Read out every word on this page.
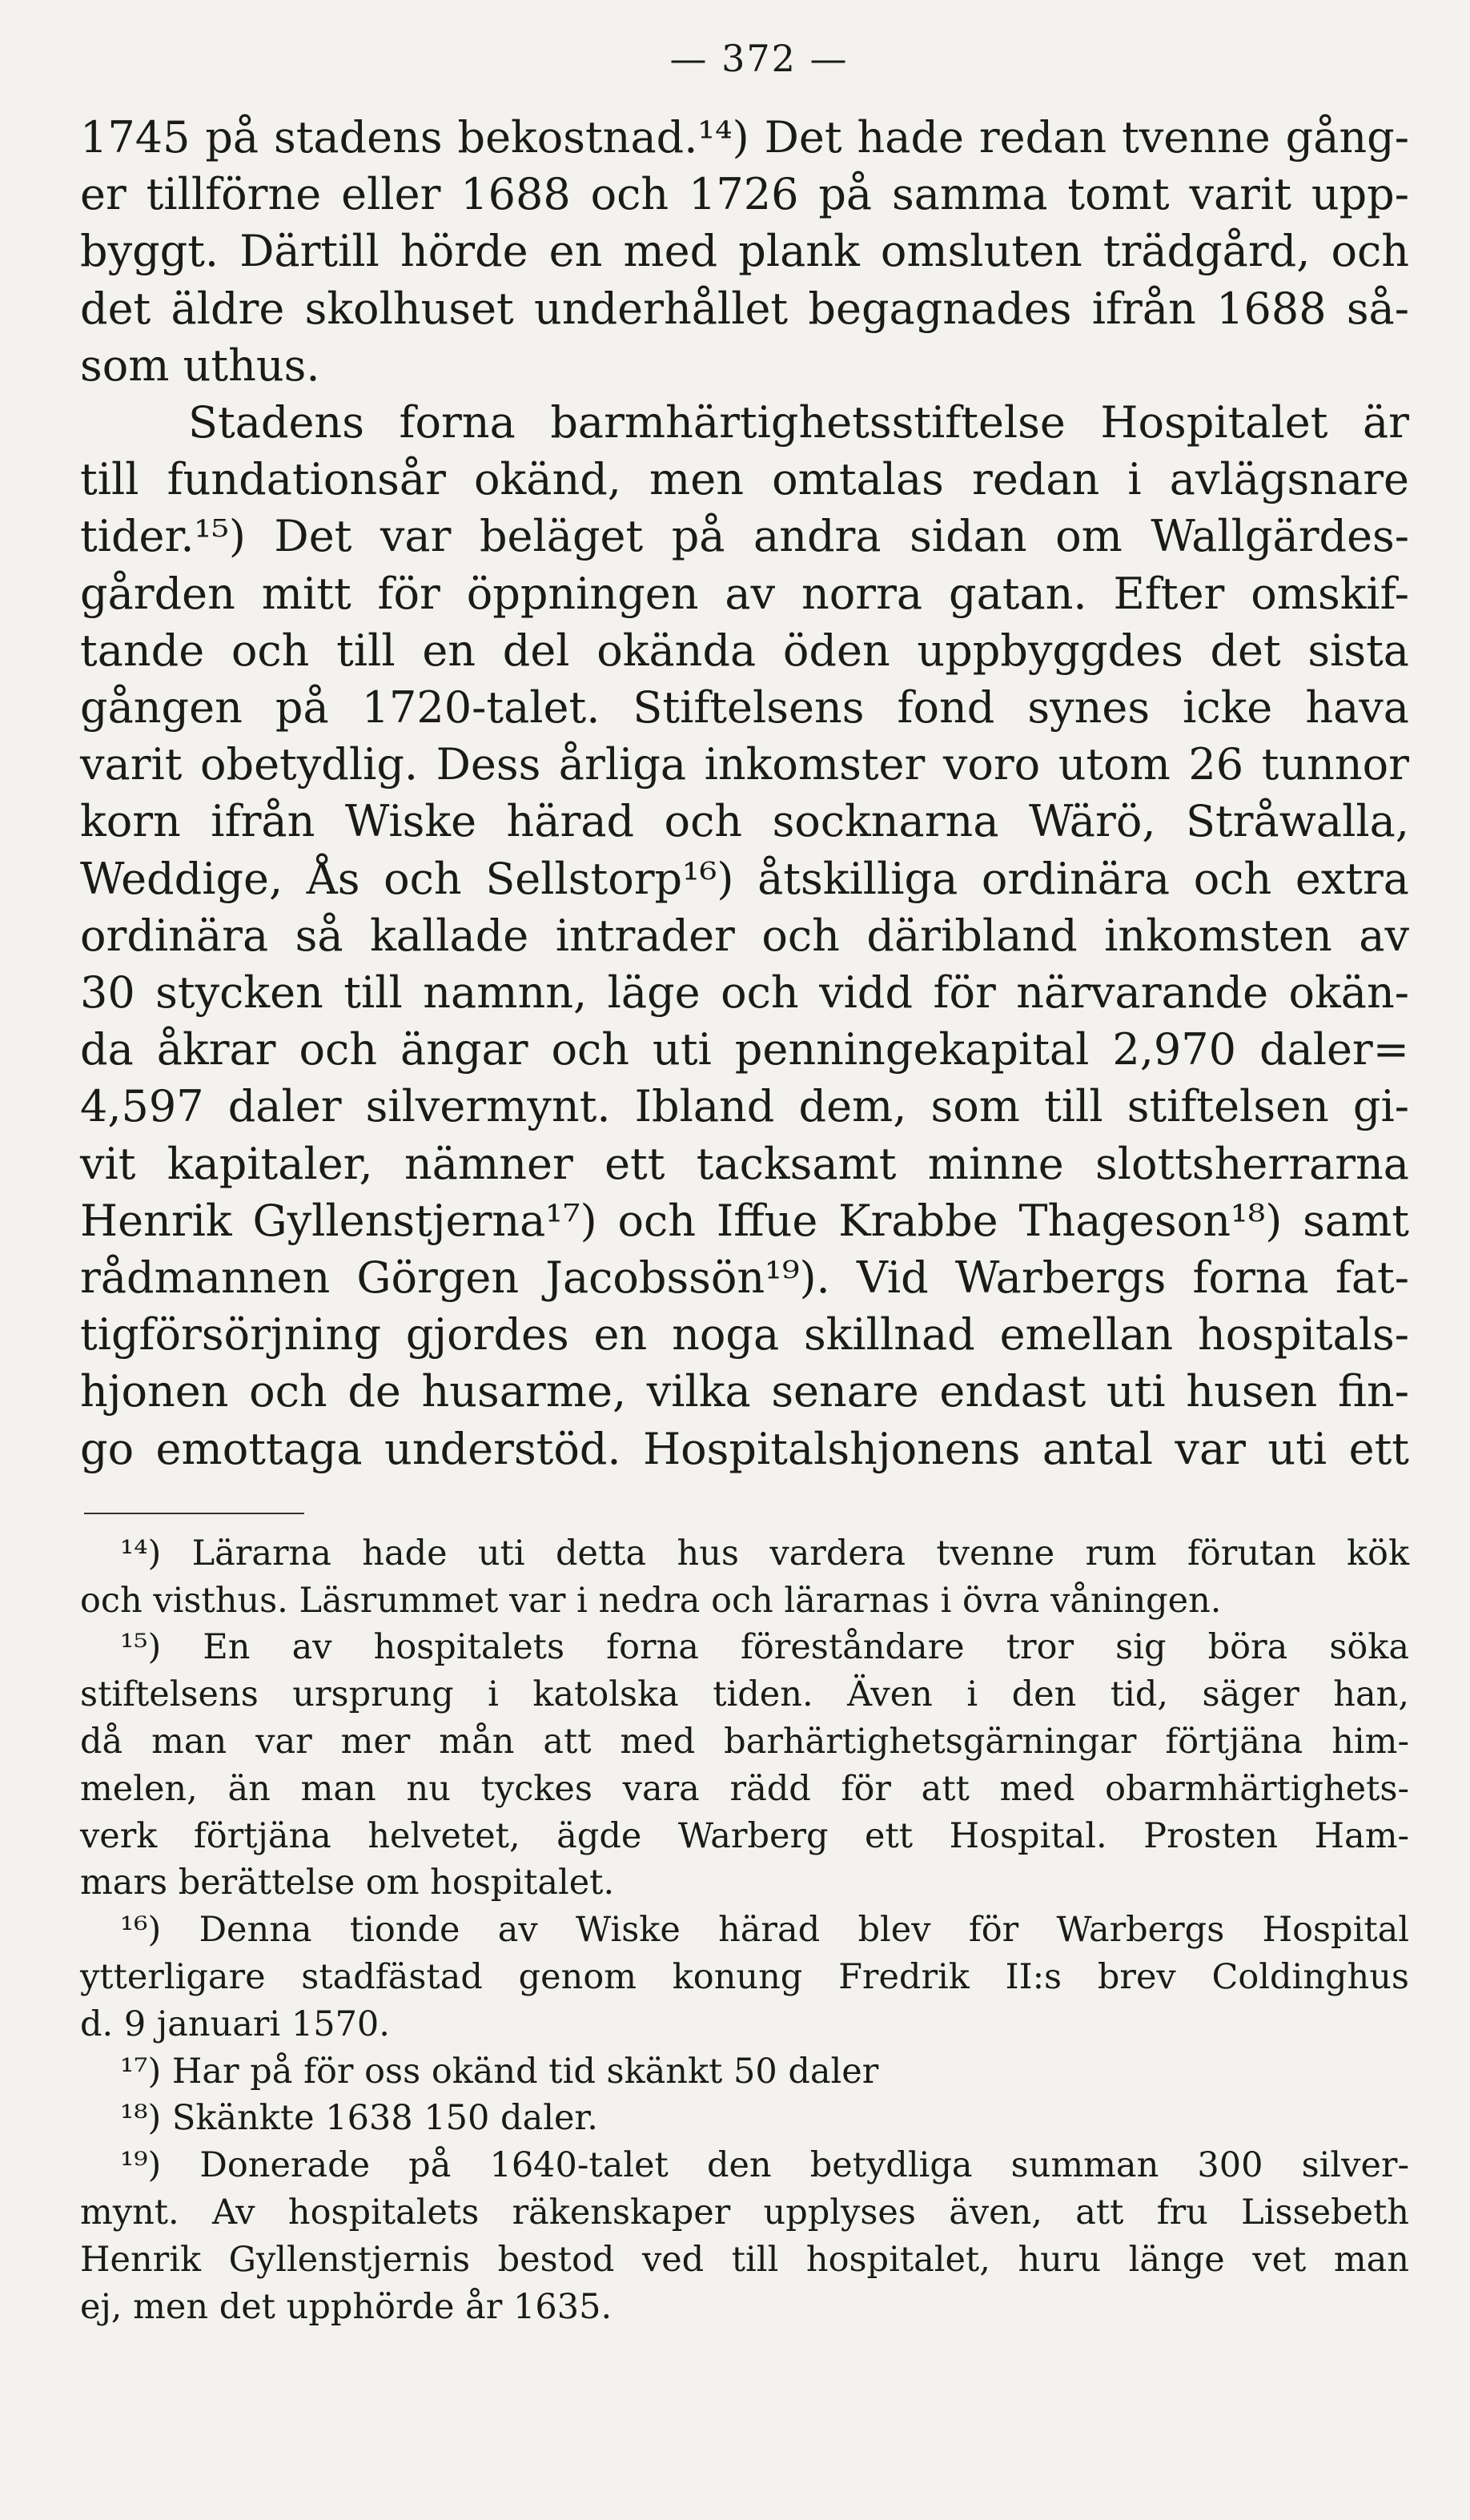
— 372 —
1745 på stadens bekostnad.¹⁴) Det hade redan tvenne gång-
er tillförne eller 1688 och 1726 på samma tomt varit upp-
byggt. Därtill hörde en med plank omsluten trädgård, och
det äldre skolhuset underhållet begagnades ifrån 1688 så-
som uthus.
Stadens forna barmhärtighetsstiftelse Hospitalet är
till fundationsår okänd, men omtalas redan i avlägsnare
tider.¹⁵) Det var beläget på andra sidan om Wallgärdes-
gården mitt för öppningen av norra gatan. Efter omskif-
tande och till en del okända öden uppbyggdes det sista
gången på 1720-talet. Stiftelsens fond synes icke hava
varit obetydlig. Dess årliga inkomster voro utom 26 tunnor
korn ifrån Wiske härad och socknarna Wärö, Stråwalla,
Weddige, Ås och Sellstorp¹⁶) åtskilliga ordinära och extra
ordinära så kallade intrader och däribland inkomsten av
30 stycken till namnn, läge och vidd för närvarande okän-
da åkrar och ängar och uti penningekapital 2,970 daler=
4,597 daler silvermynt. Ibland dem, som till stiftelsen gi-
vit kapitaler, nämner ett tacksamt minne slottsherrarna
Henrik Gyllenstjerna¹⁷) och Iffue Krabbe Thageson¹⁸) samt
rådmannen Görgen Jacobssön¹⁹). Vid Warbergs forna fat-
tigförsörjning gjordes en noga skillnad emellan hospitals-
hjonen och de husarme, vilka senare endast uti husen fin-
go emottaga understöd. Hospitalshjonens antal var uti ett
¹⁴) Lärarna hade uti detta hus vardera tvenne rum förutan kök
och visthus. Läsrummet var i nedra och lärarnas i övra våningen.
¹⁵) En av hospitalets forna föreståndare tror sig böra söka
stiftelsens ursprung i katolska tiden. Även i den tid, säger han,
då man var mer mån att med barhärtighetsgärningar förtjäna him-
melen, än man nu tyckes vara rädd för att med obarmhärtighets-
verk förtjäna helvetet, ägde Warberg ett Hospital. Prosten Ham-
mars berättelse om hospitalet.
¹⁶) Denna tionde av Wiske härad blev för Warbergs Hospital
ytterligare stadfästad genom konung Fredrik II:s brev Coldinghus
d. 9 januari 1570.
¹⁷) Har på för oss okänd tid skänkt 50 daler
¹⁸) Skänkte 1638 150 daler.
¹⁹) Donerade på 1640-talet den betydliga summan 300 silver-
mynt. Av hospitalets räkenskaper upplyses även, att fru Lissebeth
Henrik Gyllenstjernis bestod ved till hospitalet, huru länge vet man
ej, men det upphörde år 1635.
